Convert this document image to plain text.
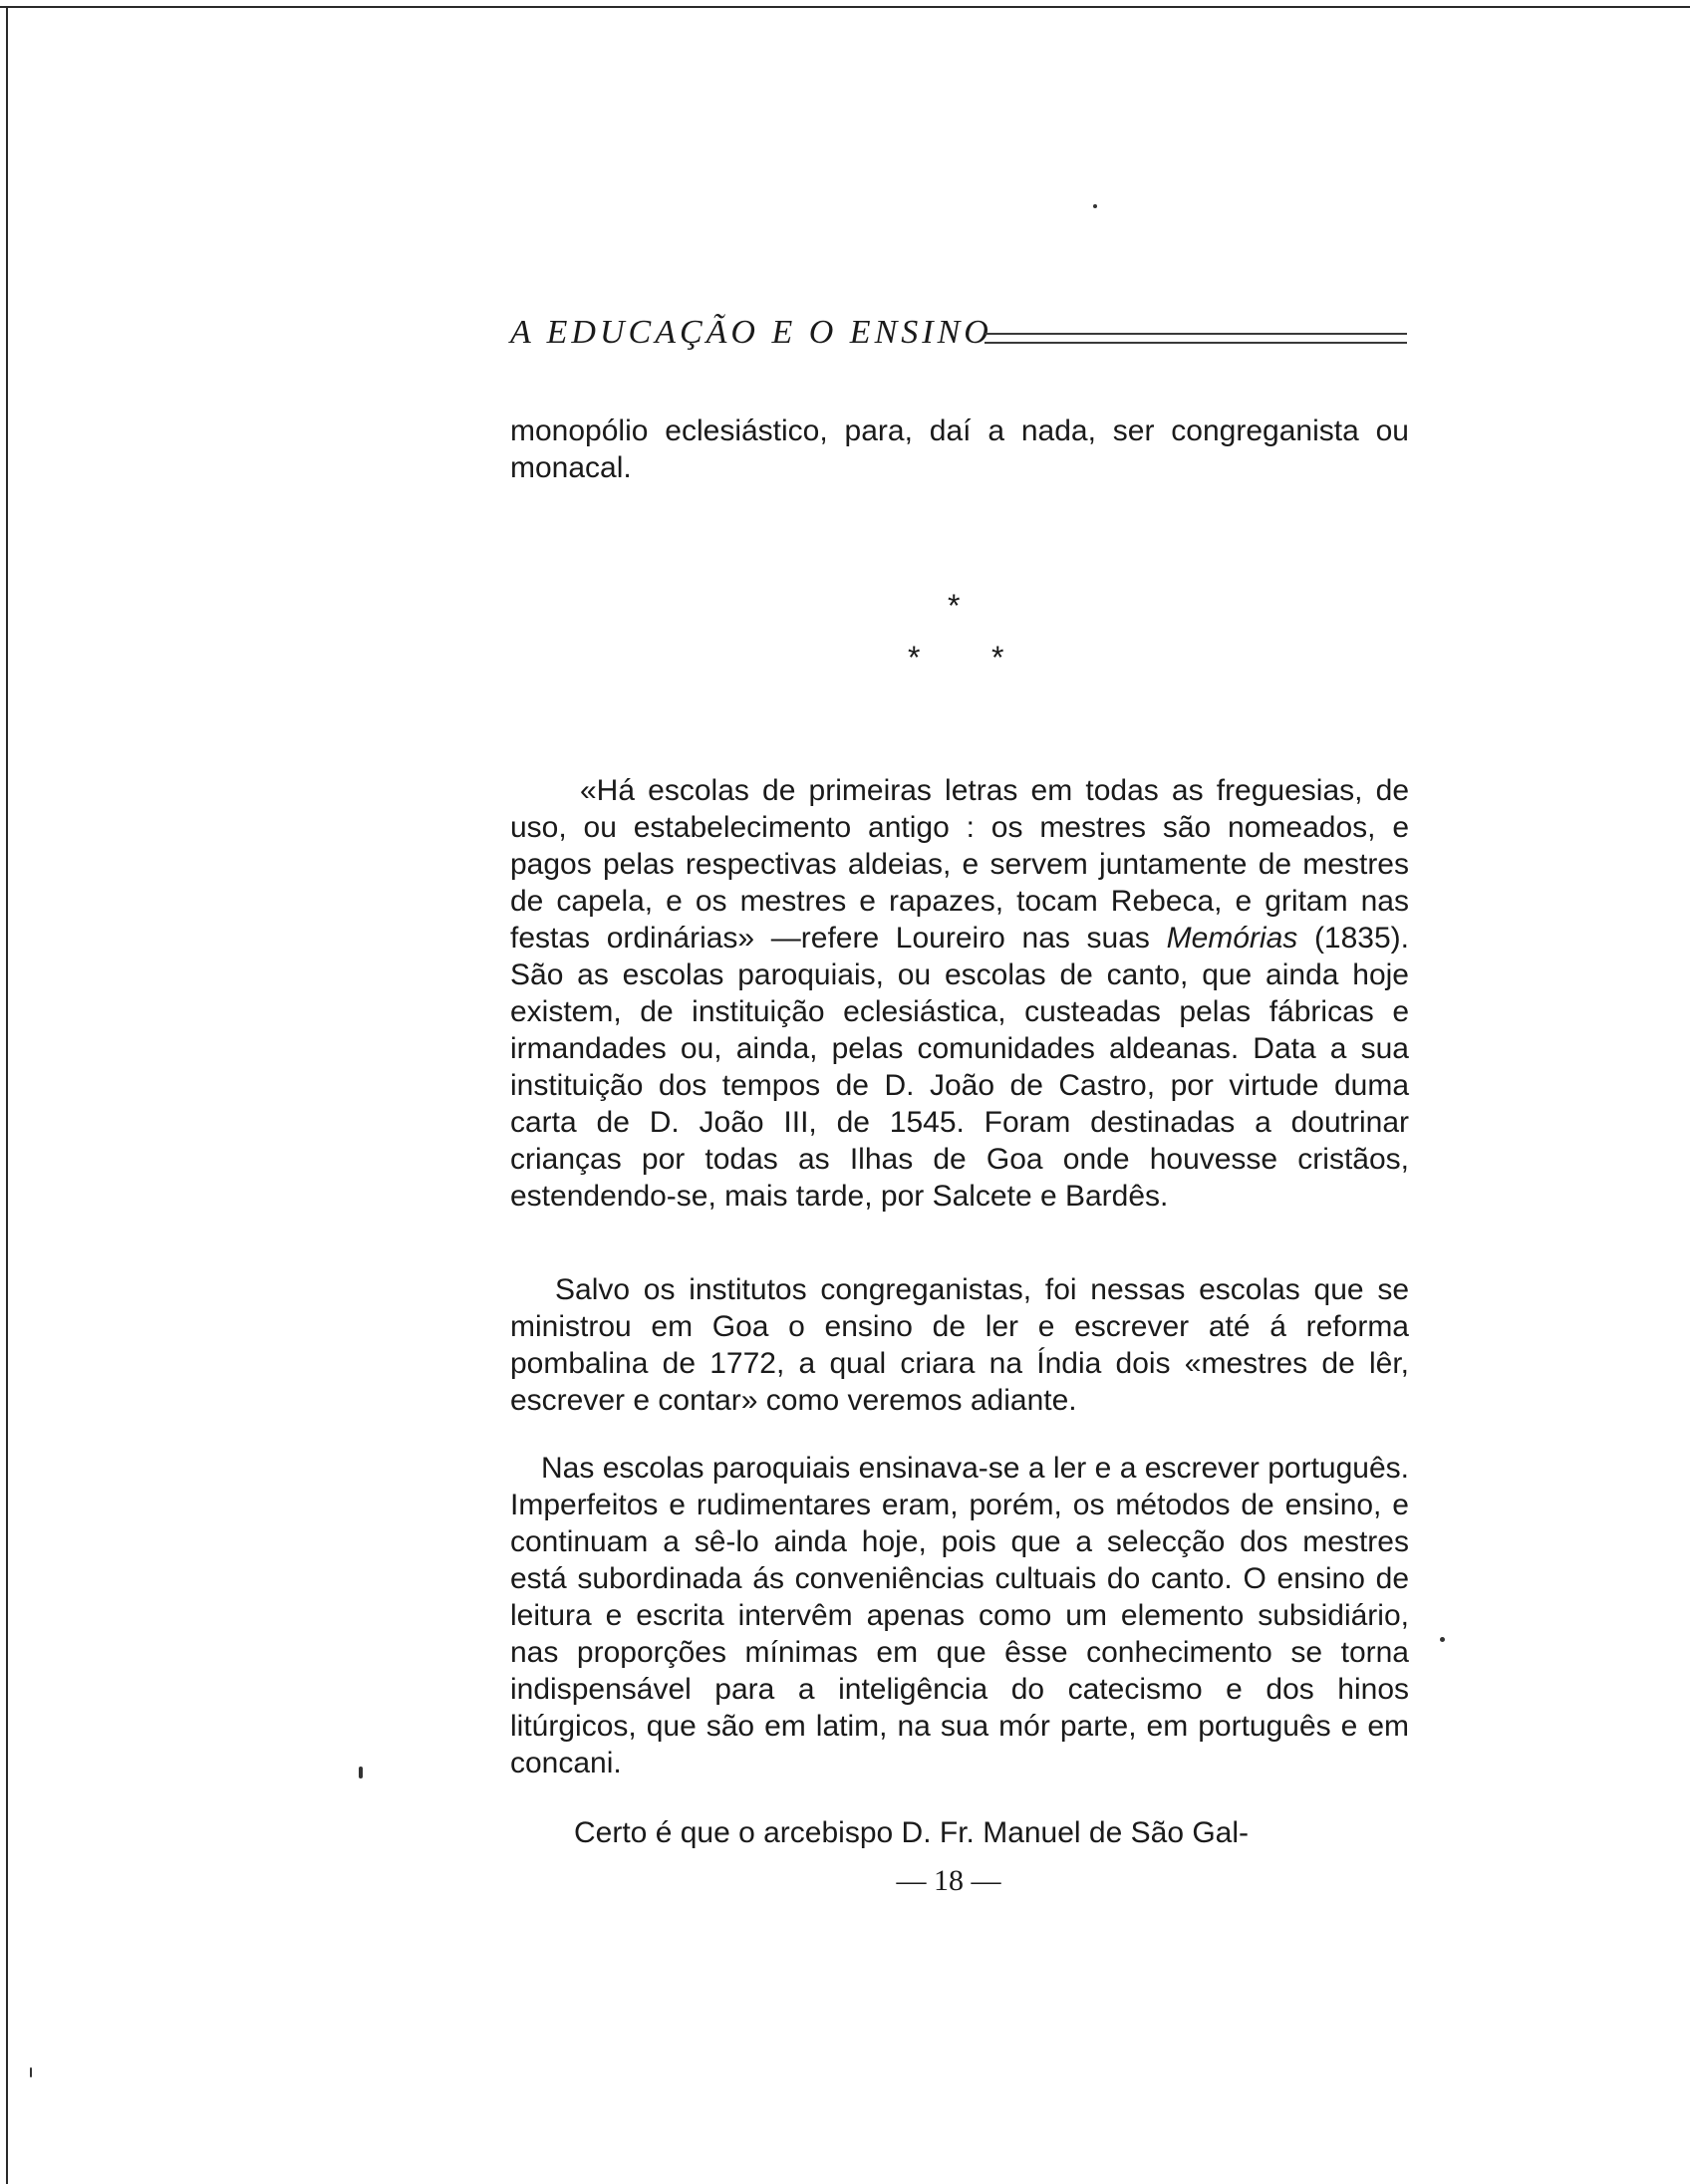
A EDUCAÇÃO E O ENSINO

monopólio eclesiástico, para, daí a nada, ser congreganista ou monacal.

*
* *

«Há escolas de primeiras letras em todas as freguesias, de uso, ou estabelecimento antigo : os mestres são nomeados, e pagos pelas respectivas aldeias, e servem juntamente de mestres de capela, e os mestres e rapazes, tocam Rebeca, e gritam nas festas ordinárias» —refere Loureiro nas suas Memórias (1835). São as escolas paroquiais, ou escolas de canto, que ainda hoje existem, de instituição eclesiástica, custeadas pelas fábricas e irmandades ou, ainda, pelas comunidades aldeanas. Data a sua instituição dos tempos de D. João de Castro, por virtude duma carta de D. João III, de 1545. Foram destinadas a doutrinar crianças por todas as Ilhas de Goa onde houvesse cristãos, estendendo-se, mais tarde, por Salcete e Bardês.

Salvo os institutos congreganistas, foi nessas escolas que se ministrou em Goa o ensino de ler e escrever até á reforma pombalina de 1772, a qual criara na Índia dois «mestres de lêr, escrever e contar» como veremos adiante.

Nas escolas paroquiais ensinava-se a ler e a escrever português. Imperfeitos e rudimentares eram, porém, os métodos de ensino, e continuam a sê-lo ainda hoje, pois que a selecção dos mestres está subordinada ás conveniências cultuais do canto. O ensino de leitura e escrita intervêm apenas como um elemento subsidiário, nas proporções mínimas em que êsse conhecimento se torna indispensável para a inteligência do catecismo e dos hinos litúrgicos, que são em latim, na sua mór parte, em português e em concani.

Certo é que o arcebispo D. Fr. Manuel de São Gal-

— 18 —
